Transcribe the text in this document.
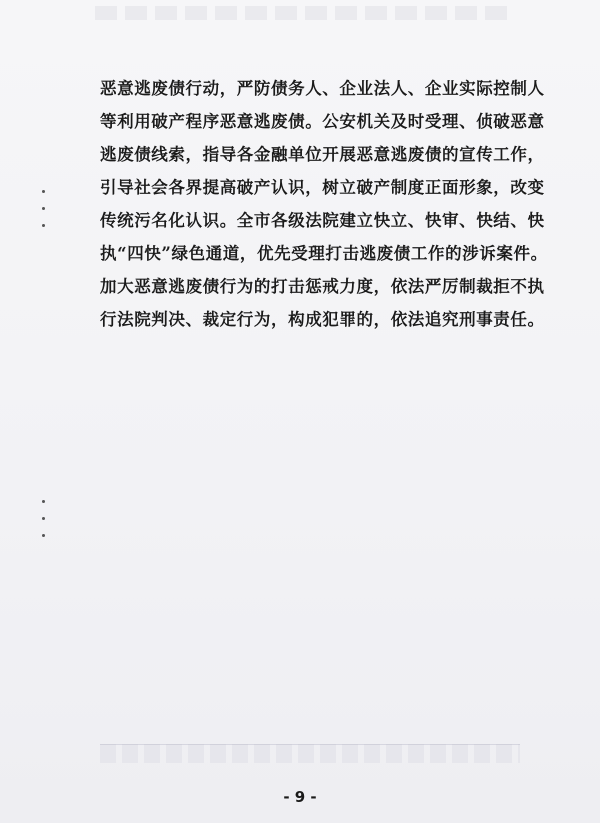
恶意逃废债行动，严防债务人、企业法人、企业实际控制人
等利用破产程序恶意逃废债。公安机关及时受理、侦破恶意
逃废债线索，指导各金融单位开展恶意逃废债的宣传工作，
引导社会各界提高破产认识，树立破产制度正面形象，改变
传统污名化认识。全市各级法院建立快立、快审、快结、快
执“四快”绿色通道，优先受理打击逃废债工作的涉诉案件。
加大恶意逃废债行为的打击惩戒力度，依法严厉制裁拒不执
行法院判决、裁定行为，构成犯罪的，依法追究刑事责任。

- 9 -
